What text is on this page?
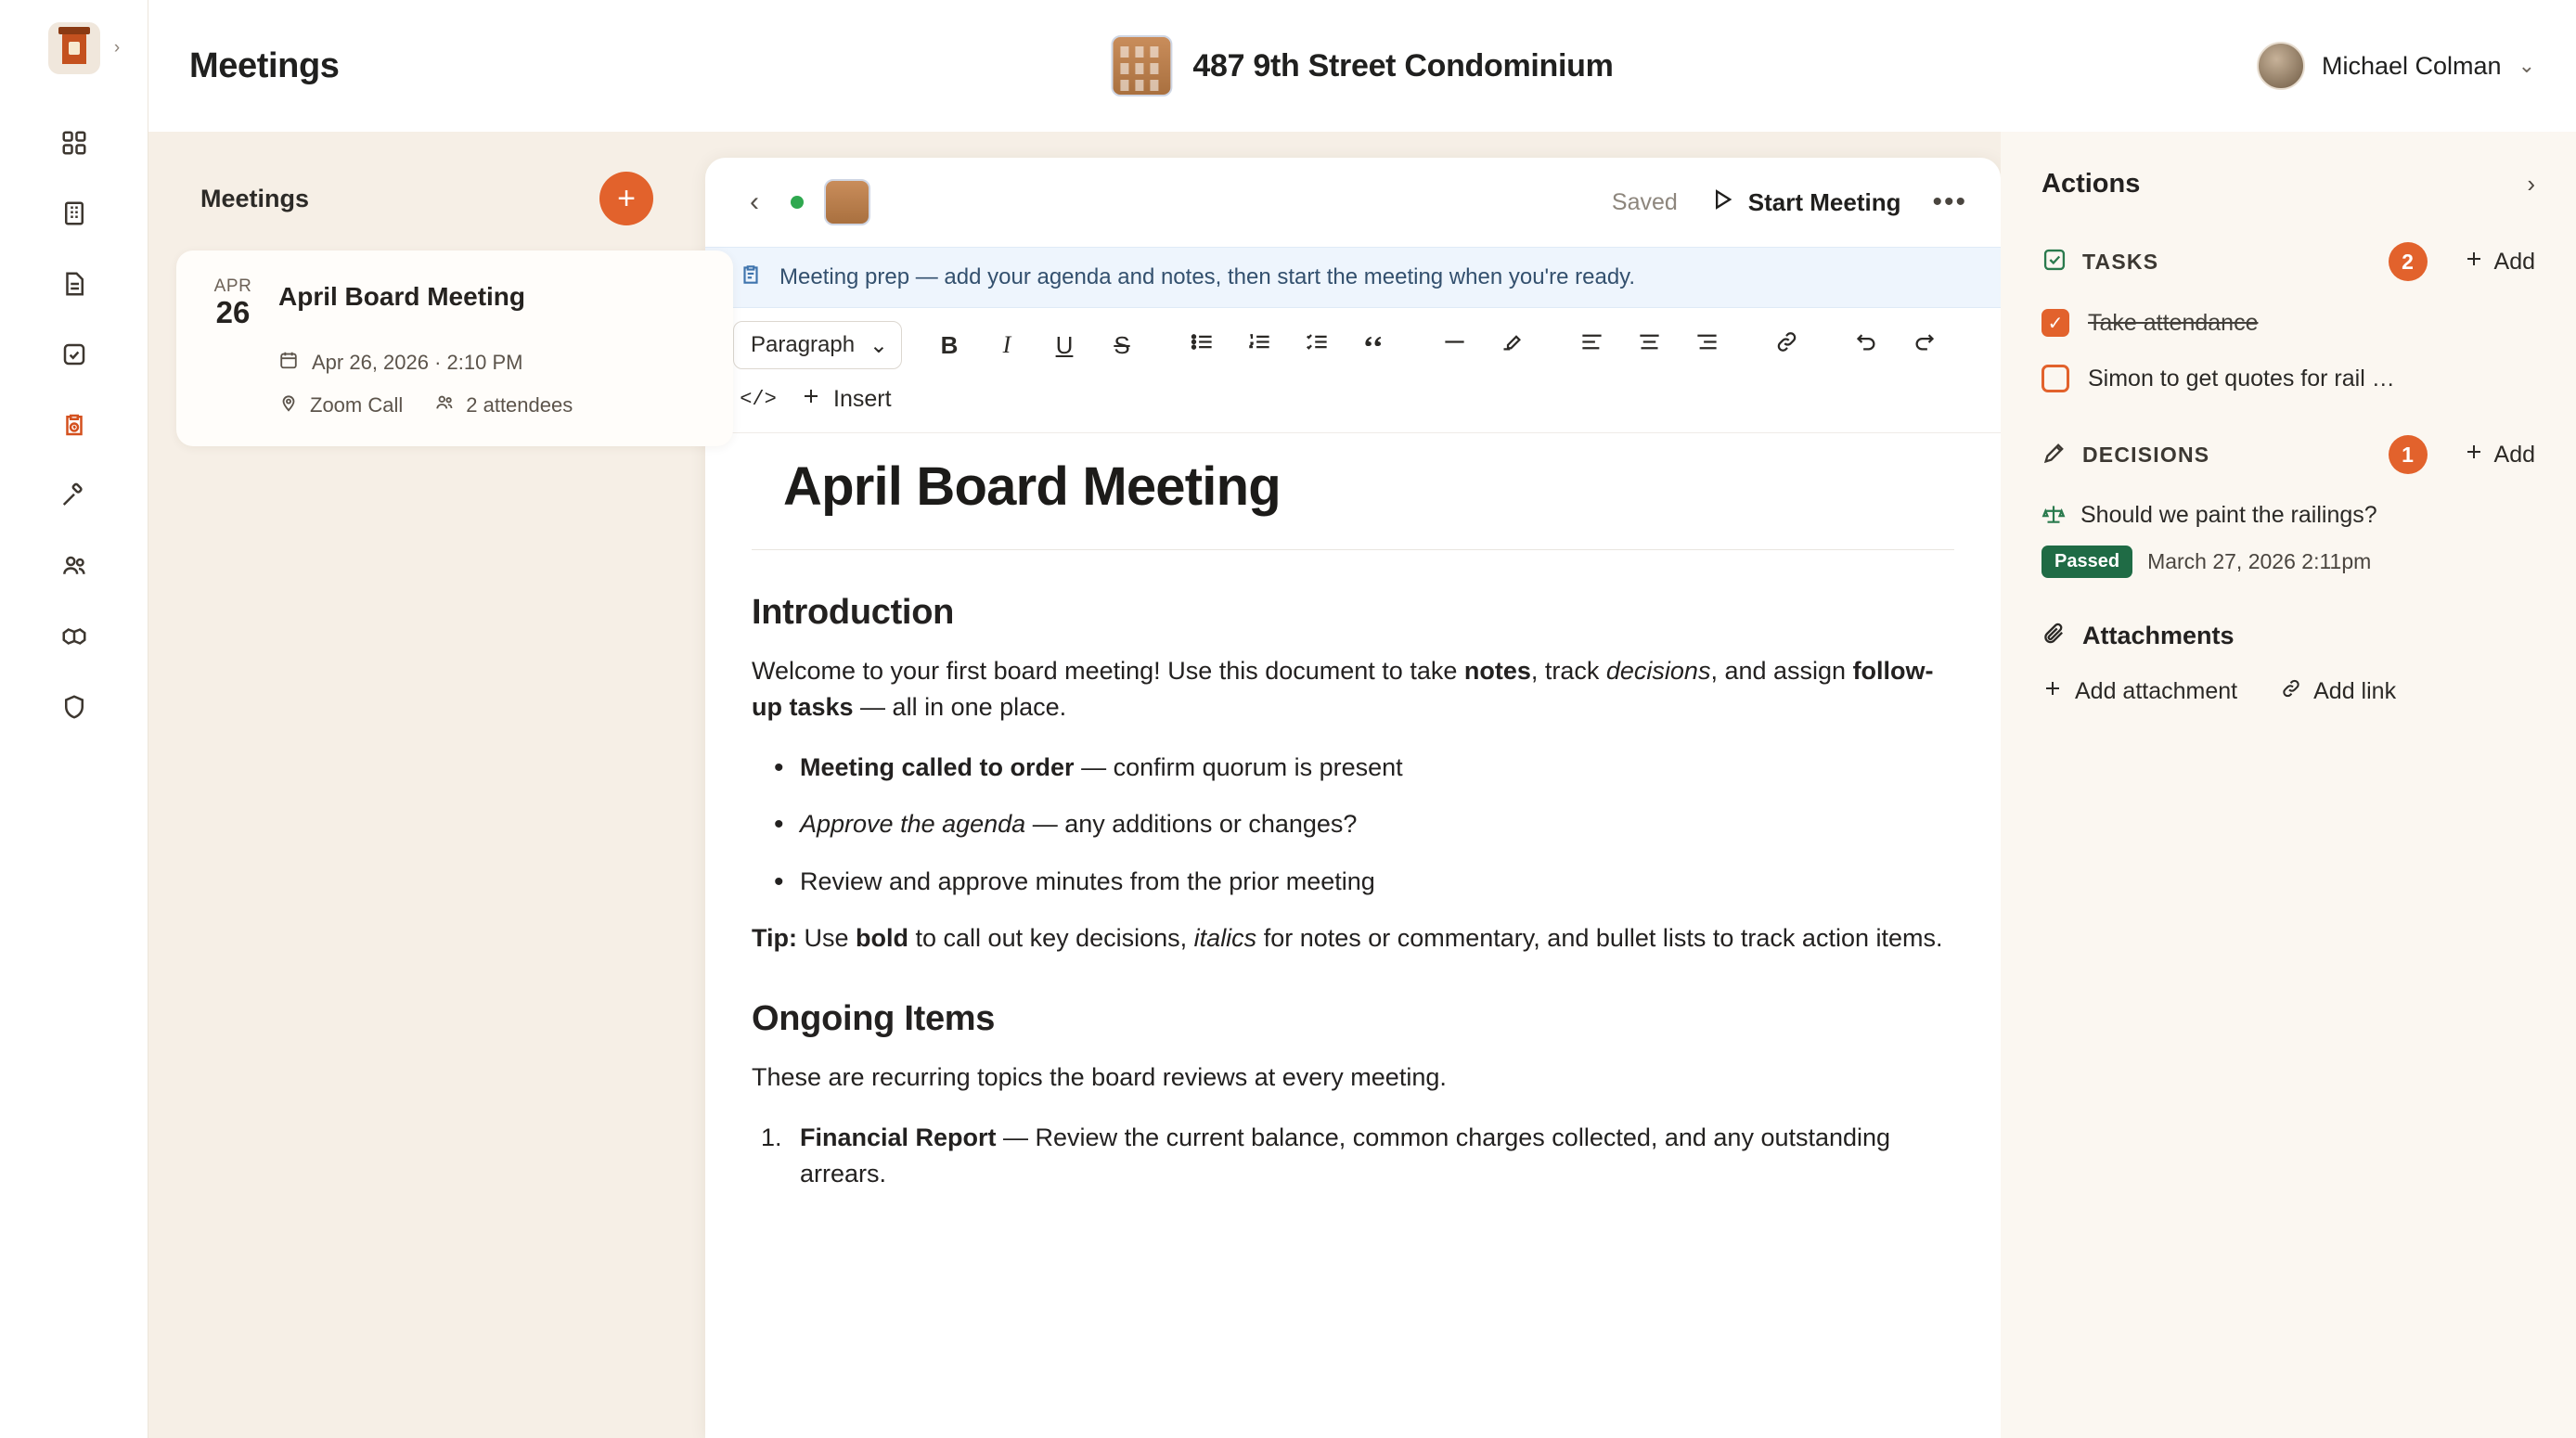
› Meetings	487 9th Street Condominium	Michael Colman ⌄
Meetings	+
APR
26	April Board Meeting
Apr 26, 2026 · 2:10 PM
Zoom Call	2 attendees
‹	Saved	Start Meeting •••
Meeting prep — add your agenda and notes, then start the meeting when you're ready.
Paragraph ⌄	B	I	U	S
</> Insert
April Board Meeting
Introduction

Welcome to your first board meeting! Use this document to take notes, track decisions, and assign follow-up tasks — all in one place.

• Meeting called to order — confirm quorum is present
• Approve the agenda — any additions or changes?
• Review and approve minutes from the prior meeting

Tip: Use bold to call out key decisions, italics for notes or commentary, and bullet lists to track action items.

Ongoing Items

These are recurring topics the board reviews at every meeting.

Financial Report — Review the current balance, common charges collected, and any outstanding arrears.
Actions	›
TASKS	2	Add
✓ Take attendance
Simon to get quotes for rail …
DECISIONS	1	Add
Should we paint the railings?
Passed	March 27, 2026 2:11pm
Attachments
Add attachment	Add link
